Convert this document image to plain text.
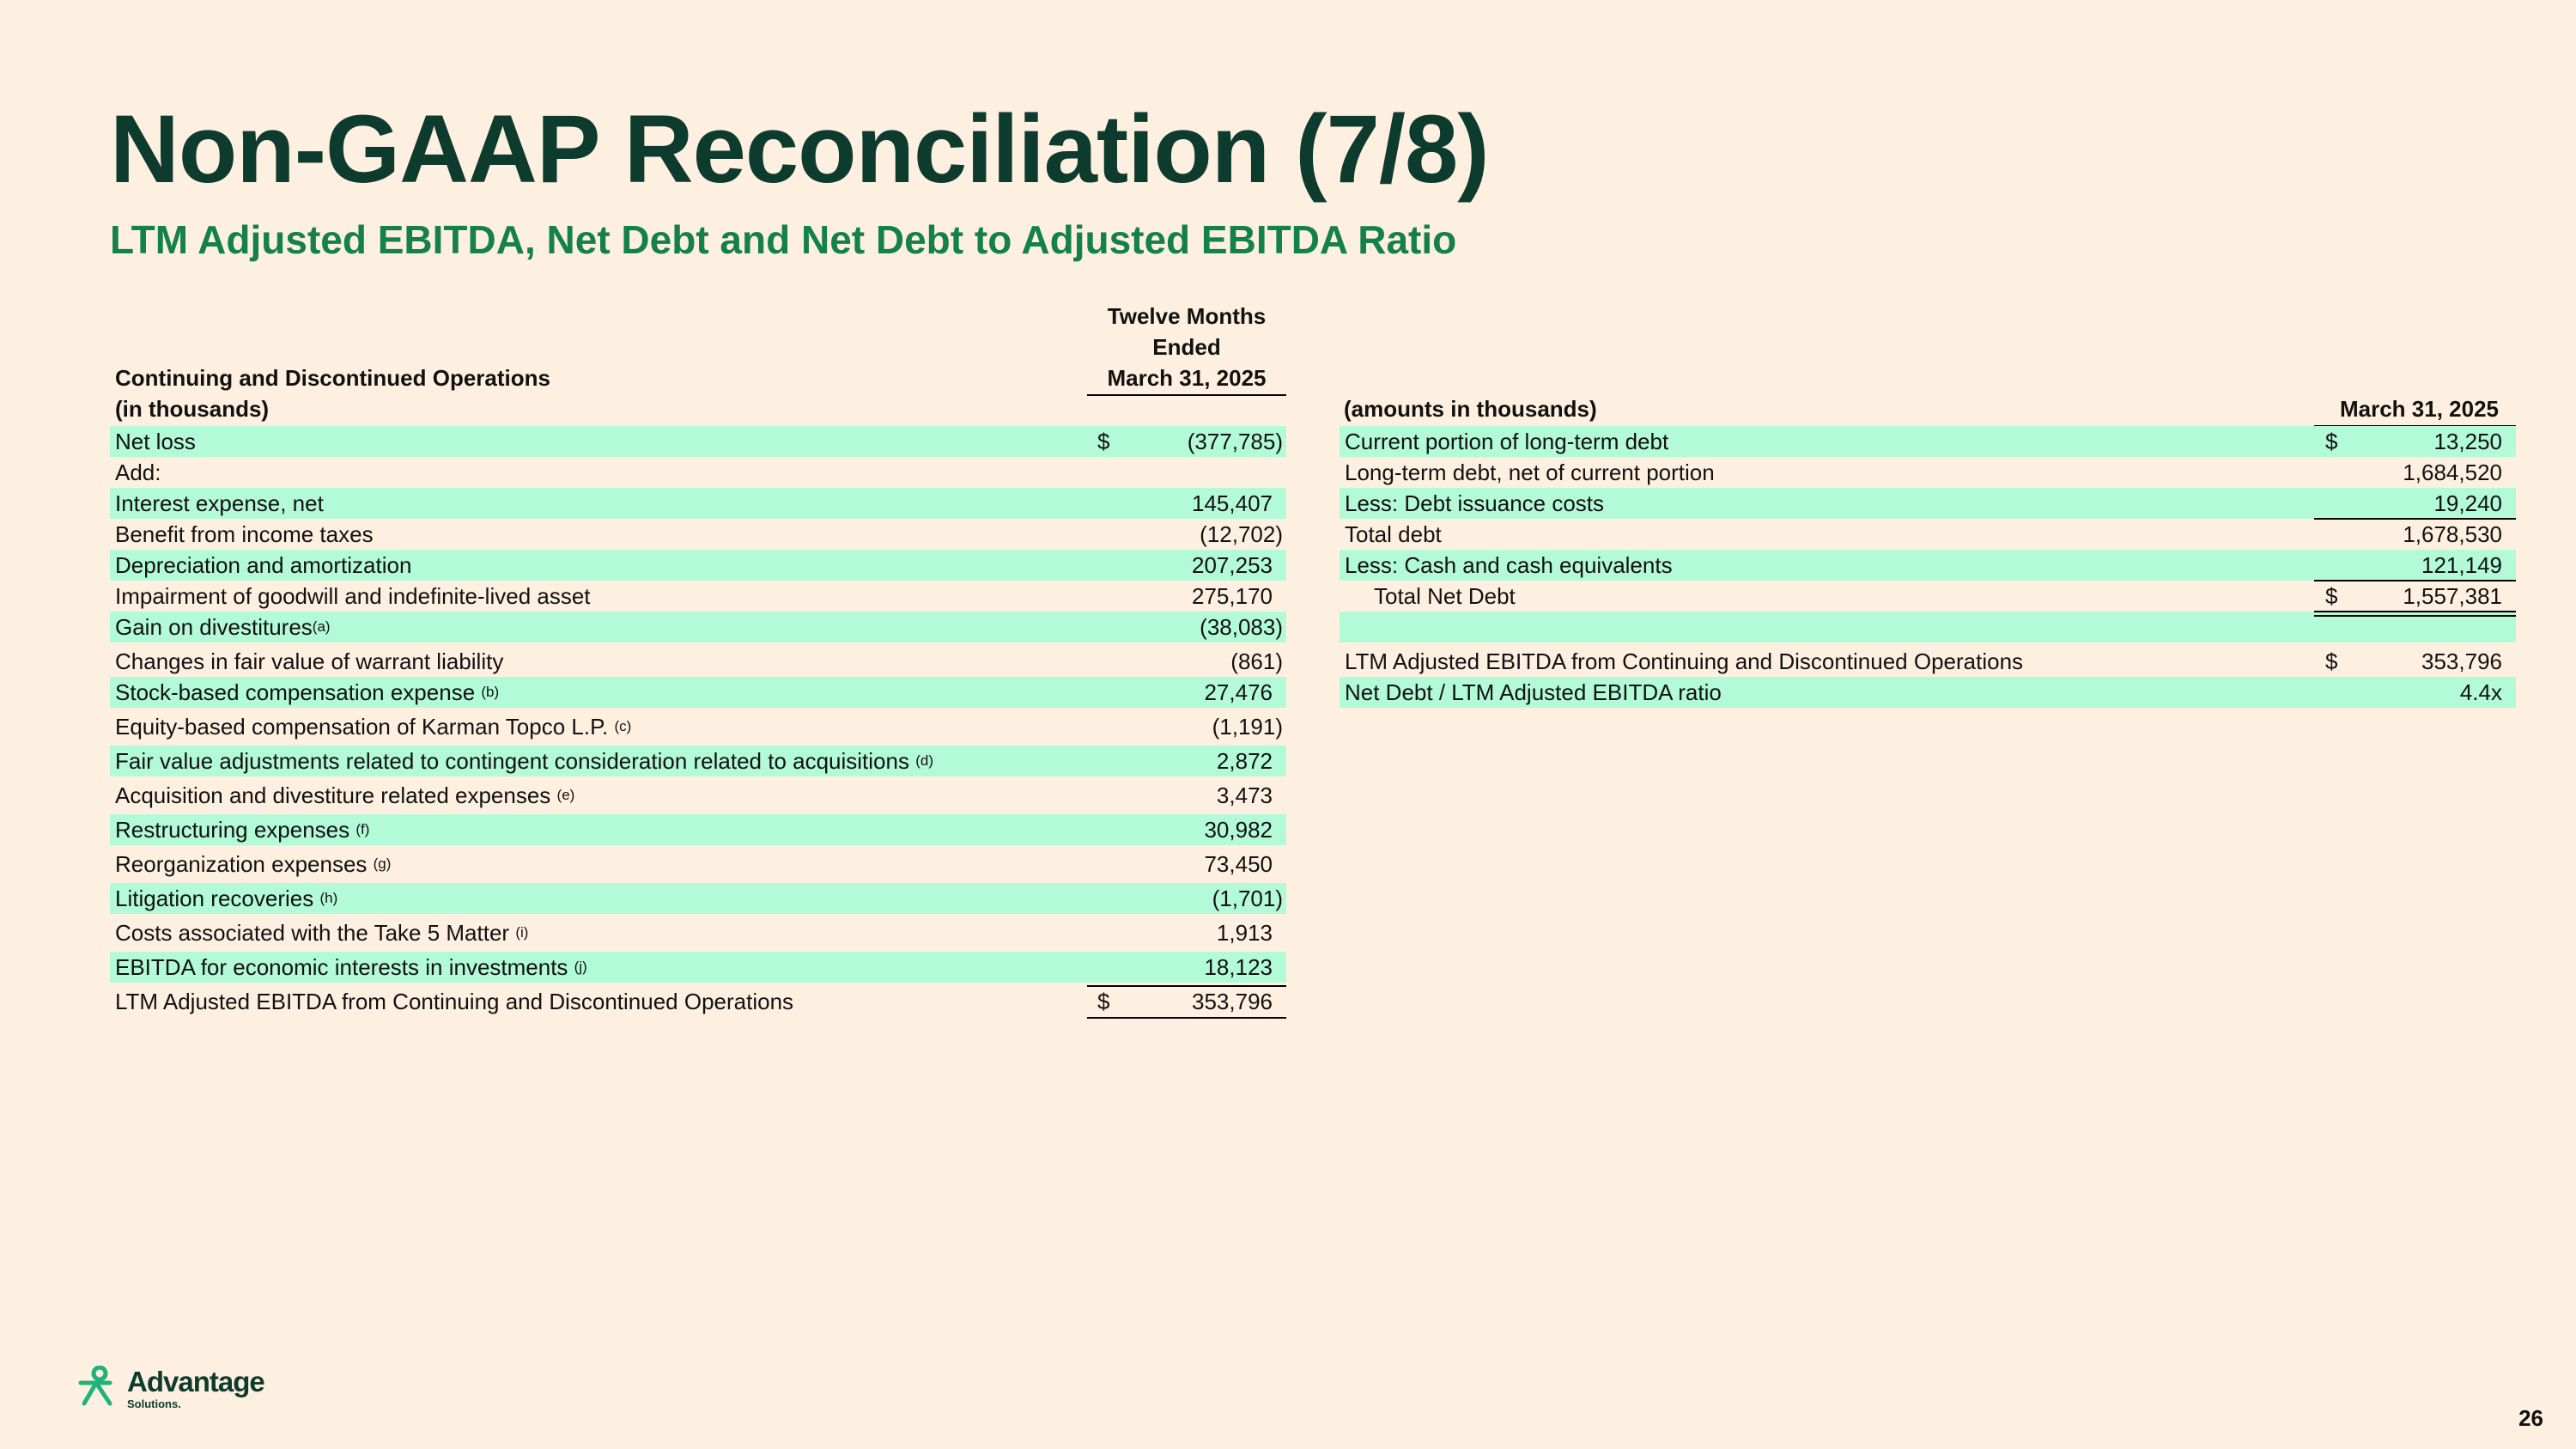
Non-GAAP Reconciliation (7/8)
LTM Adjusted EBITDA, Net Debt and Net Debt to Adjusted EBITDA Ratio
Twelve Months
Ended
March 31, 2025
Continuing and Discontinued Operations
(in thousands)
Net loss	$	(377,785)
Add:
Interest expense, net	145,407
Benefit from income taxes	(12,702)
Depreciation and amortization	207,253
Impairment of goodwill and indefinite-lived asset	275,170
Gain on divestitures$^{(a)}$	(38,083)
Changes in fair value of warrant liability	(861)
Stock-based compensation expense $^{(b)}$	27,476
Equity-based compensation of Karman Topco L.P. $^{(c)}$	(1,191)
Fair value adjustments related to contingent consideration related to acquisitions $^{(d)}$	2,872
Acquisition and divestiture related expenses $^{(e)}$	3,473
Restructuring expenses $^{(f)}$	30,982
Reorganization expenses $^{(g)}$	73,450
Litigation recoveries $^{(h)}$	(1,701)
Costs associated with the Take 5 Matter $^{(i)}$	1,913
EBITDA for economic interests in investments $^{(j)}$	18,123
LTM Adjusted EBITDA from Continuing and Discontinued Operations	$	353,796
(amounts in thousands)	March 31, 2025
Current portion of long-term debt	$	13,250
Long-term debt, net of current portion	1,684,520
Less: Debt issuance costs	19,240
Total debt	1,678,530
Less: Cash and cash equivalents	121,149
Total Net Debt	$	1,557,381
LTM Adjusted EBITDA from Continuing and Discontinued Operations	$	353,796
Net Debt / LTM Adjusted EBITDA ratio	4.4x
Advantage
Solutions.
26
